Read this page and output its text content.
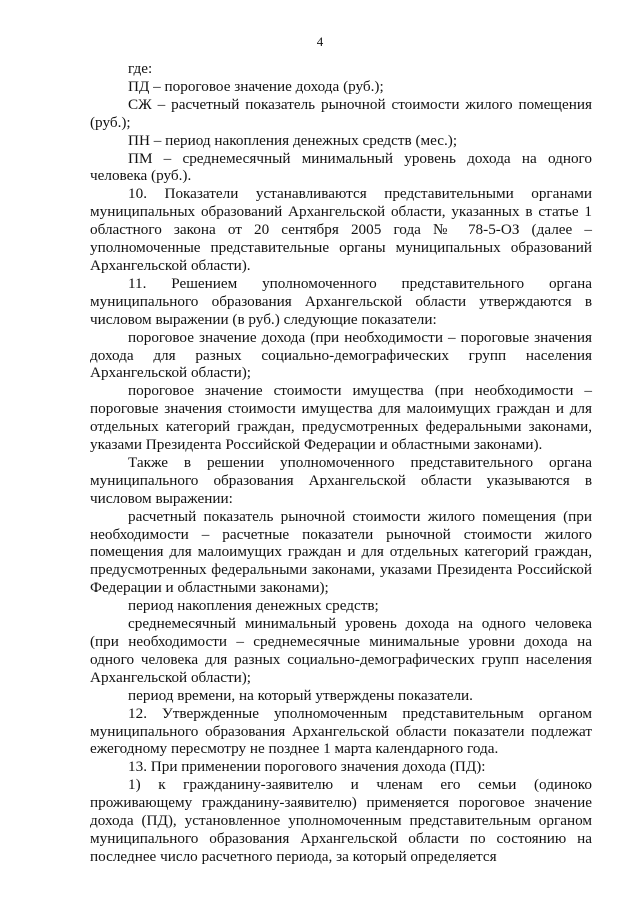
4

где:

ПД – пороговое значение дохода (руб.);

СЖ – расчетный показатель рыночной стоимости жилого помещения (руб.);

ПН – период накопления денежных средств (мес.);

ПМ – среднемесячный минимальный уровень дохода на одного человека (руб.).

10. Показатели устанавливаются представительными органами муниципальных образований Архангельской области, указанных в статье 1 областного закона от 20 сентября 2005 года № 78-5-ОЗ (далее – уполномоченные представительные органы муниципальных образований Архангельской области).

11. Решением уполномоченного представительного органа муниципального образования Архангельской области утверждаются в числовом выражении (в руб.) следующие показатели:

пороговое значение дохода (при необходимости – пороговые значения дохода для разных социально-демографических групп населения Архангельской области);

пороговое значение стоимости имущества (при необходимости – пороговые значения стоимости имущества для малоимущих граждан и для отдельных категорий граждан, предусмотренных федеральными законами, указами Президента Российской Федерации и областными законами).

Также в решении уполномоченного представительного органа муниципального образования Архангельской области указываются в числовом выражении:

расчетный показатель рыночной стоимости жилого помещения (при необходимости – расчетные показатели рыночной стоимости жилого помещения для малоимущих граждан и для отдельных категорий граждан, предусмотренных федеральными законами, указами Президента Российской Федерации и областными законами);

период накопления денежных средств;

среднемесячный минимальный уровень дохода на одного человека (при необходимости – среднемесячные минимальные уровни дохода на одного человека для разных социально-демографических групп населения Архангельской области);

период времени, на который утверждены показатели.

12. Утвержденные уполномоченным представительным органом муниципального образования Архангельской области показатели подлежат ежегодному пересмотру не позднее 1 марта календарного года.

13. При применении порогового значения дохода (ПД):

1) к гражданину-заявителю и членам его семьи (одиноко проживающему гражданину-заявителю) применяется пороговое значение дохода (ПД), установленное уполномоченным представительным органом муниципального образования Архангельской области по состоянию на последнее число расчетного периода, за который определяется
